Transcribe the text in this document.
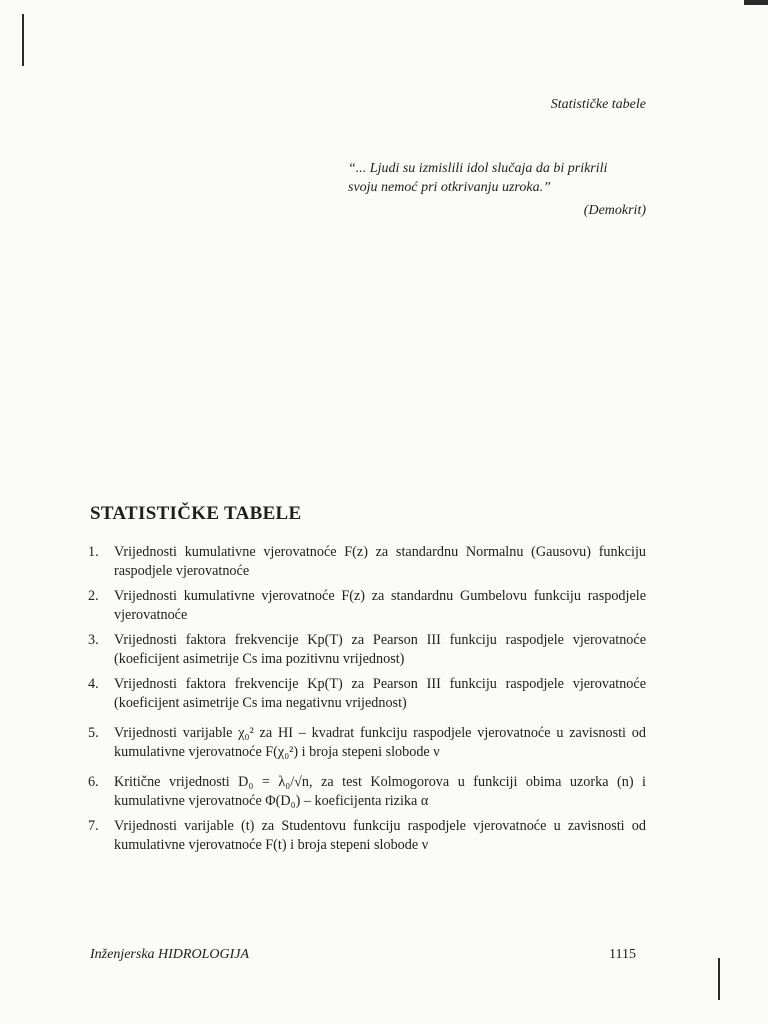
Statističke tabele
“... Ljudi su izmislili idol slučaja da bi prikrili
svoju nemoć pri otkrivanju uzroka.”
(Demokrit)
STATISTIČKE TABELE
1.	Vrijednosti kumulativne vjerovatnoće F(z) za standardnu Normalnu (Gausovu) funkciju raspodjele vjerovatnoće
2.	Vrijednosti kumulativne vjerovatnoće F(z) za standardnu Gumbelovu funkciju raspodjele vjerovatnoće
3.	Vrijednosti faktora frekvencije Kp(T) za Pearson III funkciju raspodjele vjerovatnoće (koeficijent asimetrije Cs ima pozitivnu vrijednost)
4.	Vrijednosti faktora frekvencije Kp(T) za Pearson III funkciju raspodjele vjerovatnoće (koeficijent asimetrije Cs ima negativnu vrijednost)
5.	Vrijednosti varijable χ₀² za HI – kvadrat funkciju raspodjele vjerovatnoće u zavisnosti od kumulativne vjerovatnoće F(χ₀²) i broja stepeni slobode ν
6.	Kritične vrijednosti D₀ = λ₀/√n, za test Kolmogorova u funkciji obima uzorka (n) i kumulativne vjerovatnoće Φ(D₀) – koeficijenta rizika α
7.	Vrijednosti varijable (t) za Studentovu funkciju raspodjele vjerovatnoće u zavisnosti od kumulativne vjerovatnoće F(t) i broja stepeni slobode ν
Inženjerska HIDROLOGIJA	1115
